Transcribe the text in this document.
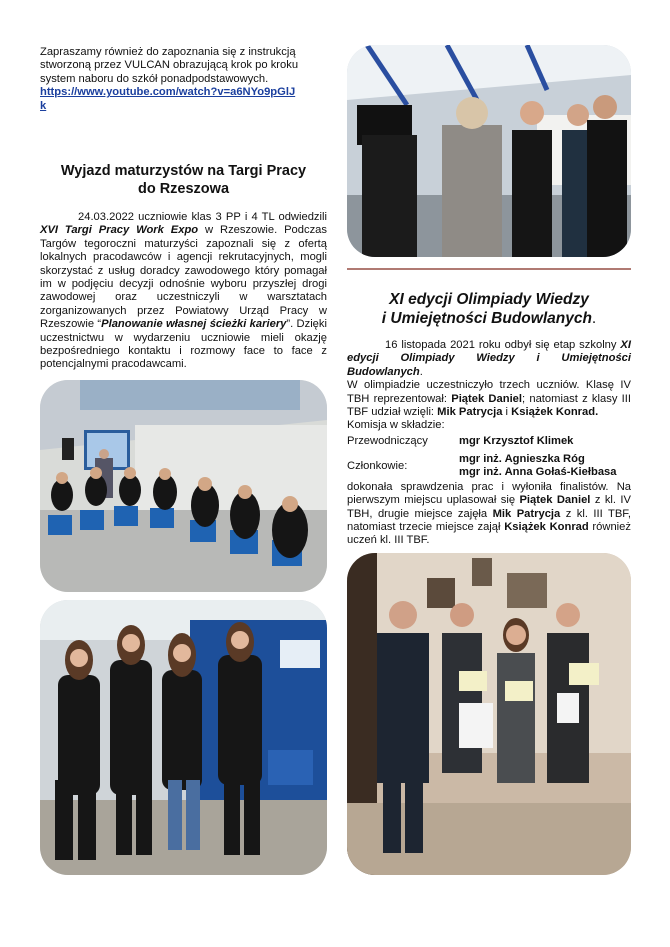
Zapraszamy również do zapoznania się z instrukcją stworzoną przez VULCAN obrazującą krok po kroku system naboru do szkół ponadpodstawowych.
https://www.youtube.com/watch?v=a6NYo9pGlJ
k
Wyjazd maturzystów na Targi Pracy
do Rzeszowa
24.03.2022 uczniowie klas 3 PP i 4 TL odwiedzili XVI Targi Pracy Work Expo w Rzeszowie. Podczas Targów tegoroczni maturzyści zapoznali się z ofertą lokalnych pracodawców i agencji rekrutacyjnych, mogli skorzystać z usług doradcy zawodowego który pomagał im w podjęciu decyzji odnośnie wyboru przyszłej drogi zawodowej oraz uczestniczyli w warsztatach zorganizowanych przez Powiatowy Urząd Pracy w Rzeszowie “Planowanie własnej ścieżki kariery”. Dzięki uczestnictwu w wydarzeniu uczniowie mieli okazję bezpośredniego kontaktu i rozmowy face to face z potencjalnymi pracodawcami.
XI edycji Olimpiady Wiedzy
i Umiejętności Budowlanych.
16 listopada 2021 roku odbył się etap szkolny XI edycji Olimpiady Wiedzy i Umiejętności Budowlanych.
W olimpiadzie uczestniczyło trzech uczniów. Klasę IV TBH reprezentował: Piątek Daniel; natomiast z klasy III TBF udział wzięli: Mik Patrycja i Książek Konrad.
Komisja w składzie:
Przewodniczący	mgr Krzysztof Klimek
Członkowie:	mgr inż. Agnieszka Róg
mgr inż. Anna Gołaś-Kiełbasa
dokonała sprawdzenia prac i wyłoniła finalistów. Na pierwszym miejscu uplasował się Piątek Daniel z kl. IV TBH, drugie miejsce zajęła Mik Patrycja z kl. III TBF, natomiast trzecie miejsce zajął Książek Konrad również uczeń kl. III TBF.
